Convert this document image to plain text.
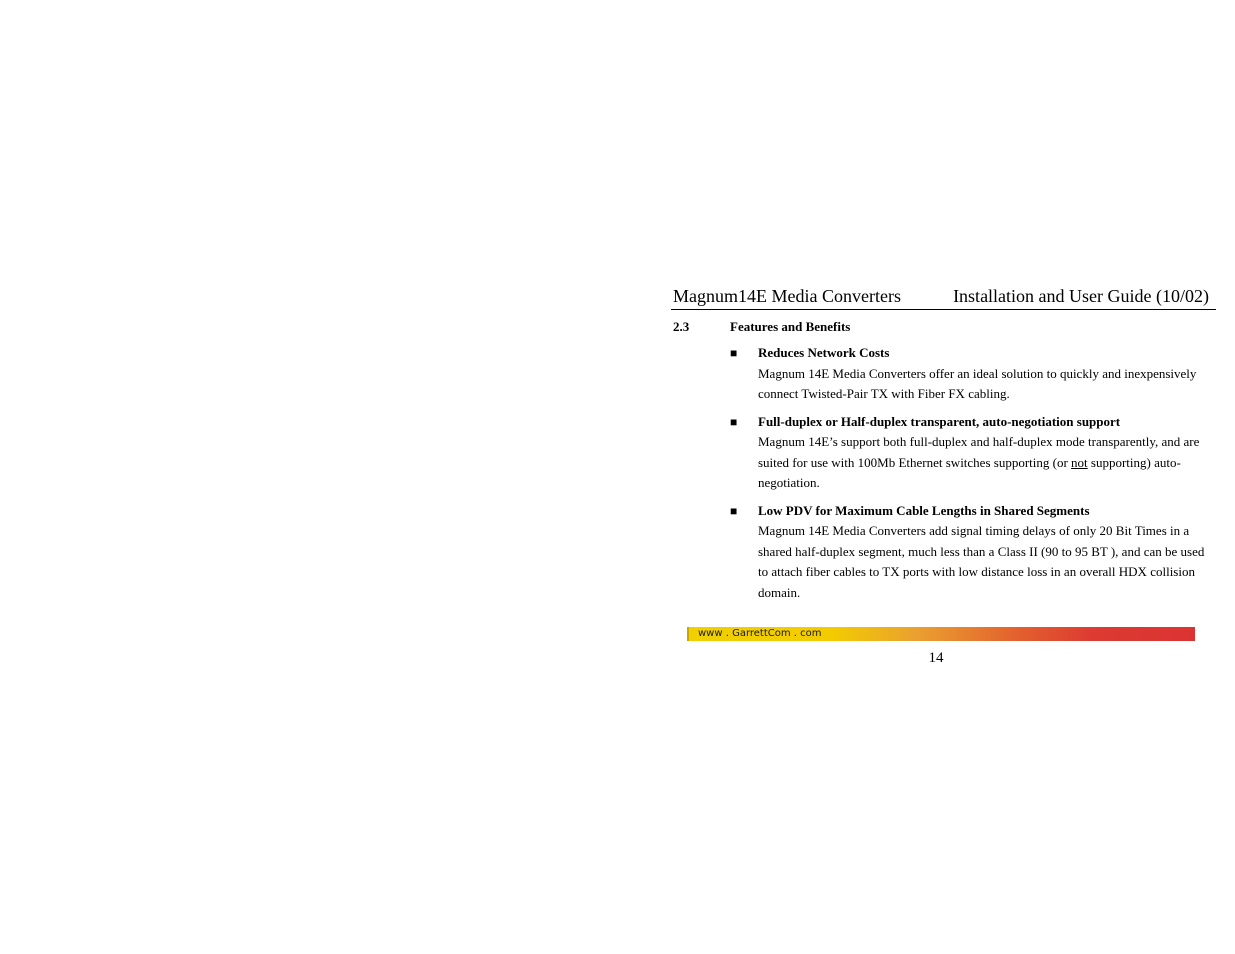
Magnum14E Media Converters	Installation and User Guide (10/02)
2.3	Features and Benefits
■ Reduces Network Costs
Magnum 14E Media Converters offer an ideal solution to quickly and inexpensively connect Twisted-Pair TX with Fiber FX cabling.
■ Full-duplex or Half-duplex transparent, auto-negotiation support
Magnum 14E’s support both full-duplex and half-duplex mode transparently, and are suited for use with 100Mb Ethernet switches supporting (or not supporting) auto-negotiation.
■ Low PDV for Maximum Cable Lengths in Shared Segments
Magnum 14E Media Converters add signal timing delays of only 20 Bit Times in a shared half-duplex segment, much less than a Class II (90 to 95 BT ), and can be used to attach fiber cables to TX ports with low distance loss in an overall HDX collision domain.
www . GarrettCom . com
14
